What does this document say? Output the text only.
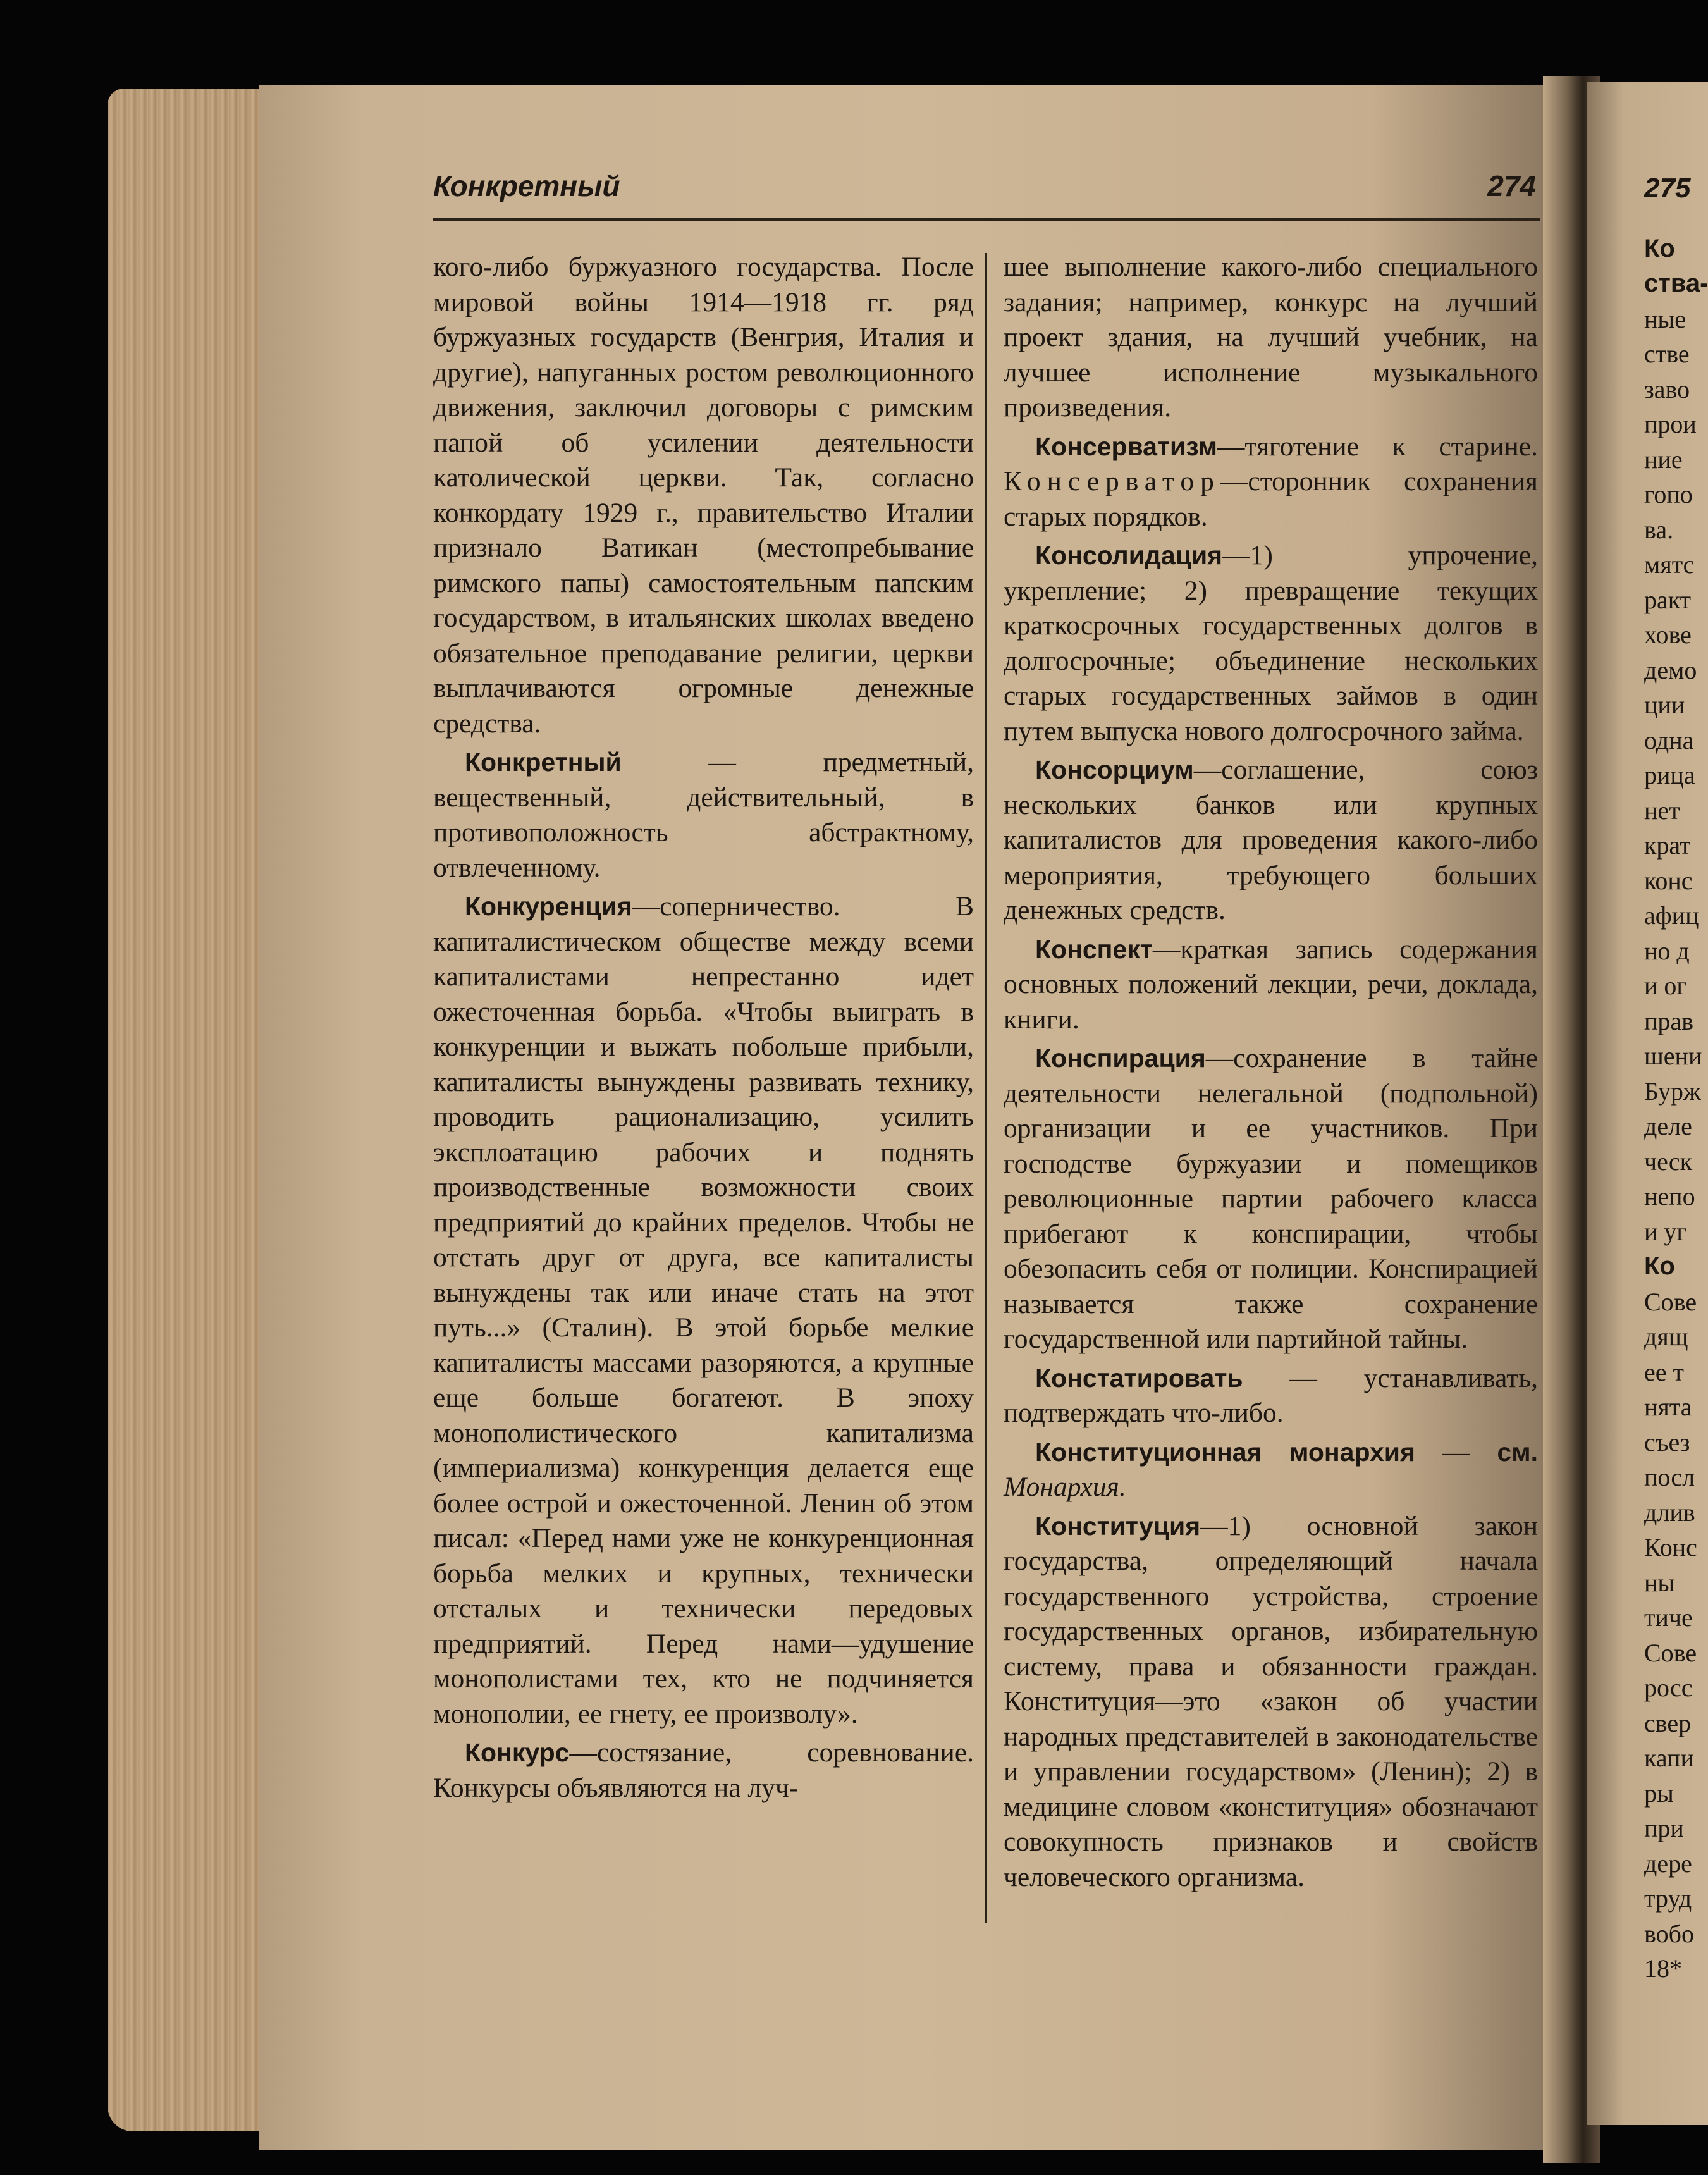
Конкретный	274

кого-либо буржуазного государства. После мировой войны 1914—1918 гг. ряд буржуазных государств (Венгрия, Италия и другие), напуганных ростом революционного движения, заключил договоры с римским папой об усилении деятельности католической церкви. Так, согласно конкордату 1929 г., правительство Италии признало Ватикан (местопребывание римского папы) самостоятельным папским государством, в итальянских школах введено обязательное преподавание религии, церкви выплачиваются огромные денежные средства.

Конкретный — предметный, вещественный, действительный, в противоположность абстрактному, отвлеченному.

Конкуренция—соперничество. В капиталистическом обществе между всеми капиталистами непрестанно идет ожесточенная борьба. «Чтобы выиграть в конкуренции и выжать побольше прибыли, капиталисты вынуждены развивать технику, проводить рационализацию, усилить эксплоатацию рабочих и поднять производственные возможности своих предприятий до крайних пределов. Чтобы не отстать друг от друга, все капиталисты вынуждены так или иначе стать на этот путь...» (Сталин). В этой борьбе мелкие капиталисты массами разоряются, а крупные еще больше богатеют. В эпоху монополистического капитализма (империализма) конкуренция делается еще более острой и ожесточенной. Ленин об этом писал: «Перед нами уже не конкуренционная борьба мелких и крупных, технически отсталых и технически передовых предприятий. Перед нами—удушение монополистами тех, кто не подчиняется монополии, ее гнету, ее произволу».

Конкурс—состязание, соревнование. Конкурсы объявляются на луч-

шее выполнение какого-либо специального задания; например, конкурс на лучший проект здания, на лучший учебник, на лучшее исполнение музыкального произведения.

Консерватизм—тяготение к старине. Консерватор—сторонник сохранения старых порядков.

Консолидация—1) упрочение, укрепление; 2) превращение текущих краткосрочных государственных долгов в долгосрочные; объединение нескольких старых государственных займов в один путем выпуска нового долгосрочного займа.

Консорциум—соглашение, союз нескольких банков или крупных капиталистов для проведения какого-либо мероприятия, требующего больших денежных средств.

Конспект—краткая запись содержания основных положений лекции, речи, доклада, книги.

Конспирация—сохранение в тайне деятельности нелегальной (подпольной) организации и ее участников. При господстве буржуазии и помещиков революционные партии рабочего класса прибегают к конспирации, чтобы обезопасить себя от полиции. Конспирацией называется также сохранение государственной или партийной тайны.

Констатировать — устанавливать, подтверждать что-либо.

Конституционная монархия — см. Монархия.

Конституция—1) основной закон государства, определяющий начала государственного устройства, строение государственных органов, избирательную систему, права и обязанности граждан. Конституция—это «закон об участии народных представителей в законодательстве и управлении государством» (Ленин); 2) в медицине словом «конституция» обозначают совокупность признаков и свойств человеческого организма.

275
Ко
ства-
ные
стве
заво
прои
ние
гопо
ва.
мятс
ракт
хове
демо
ции
одна
рица
нет
крат
конс
афиц
но д
и ог
прав
шени
Бурж
деле
ческ
непо
и уг
Ко
Сове
дящ
ее т
нята
съез
посл
длив
Конс
ны
тиче
Сове
росс
свер
капи
ры
при
дере
труд
вобо
18*
